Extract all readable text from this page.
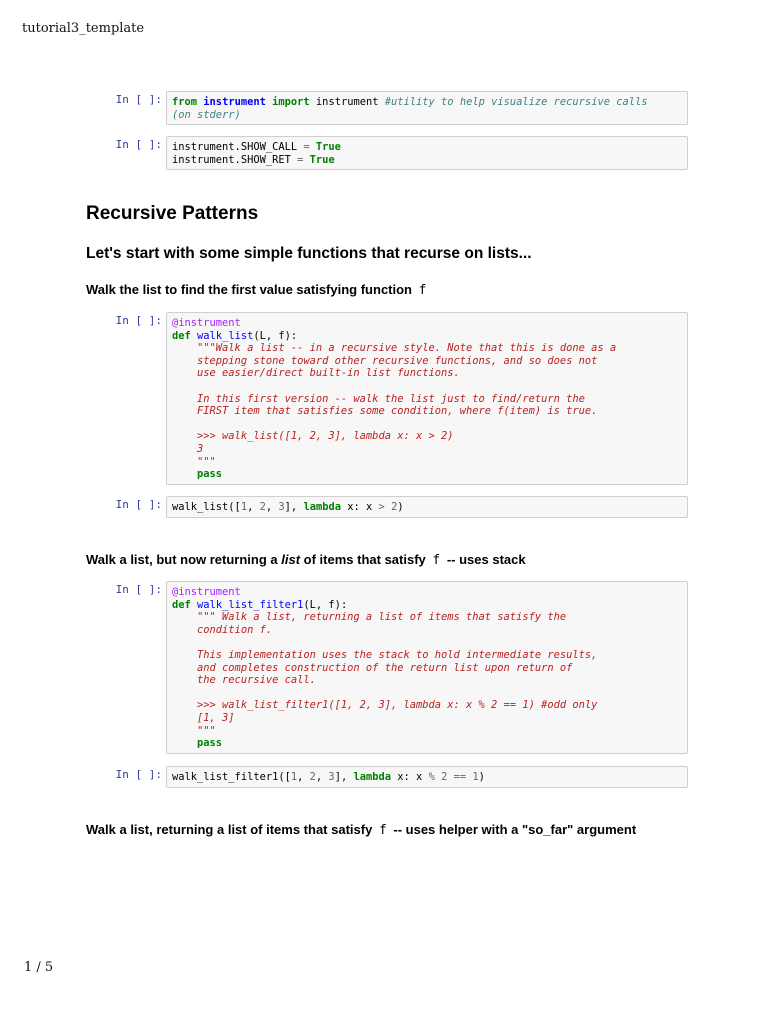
tutorial3_template
In [ ]: from instrument import instrument #utility to help visualize recursive calls
(on stderr)
In [ ]: instrument.SHOW_CALL = True
instrument.SHOW_RET = True
Recursive Patterns
Let's start with some simple functions that recurse on lists...
Walk the list to find the first value satisfying function f
In [ ]: @instrument
def walk_list(L, f):
"""Walk a list -- in a recursive style. Note that this is done as a
stepping stone toward other recursive functions, and so does not
use easier/direct built-in list functions.

In this first version -- walk the list just to find/return the
FIRST item that satisfies some condition, where f(item) is true.

>>> walk_list([1, 2, 3], lambda x: x > 2)
3
"""
pass
In [ ]: walk_list([1, 2, 3], lambda x: x > 2)
Walk a list, but now returning a list of items that satisfy f -- uses stack
In [ ]: @instrument
def walk_list_filter1(L, f):
""" Walk a list, returning a list of items that satisfy the
condition f.

This implementation uses the stack to hold intermediate results,
and completes construction of the return list upon return of
the recursive call.

>>> walk_list_filter1([1, 2, 3], lambda x: x % 2 == 1) #odd only
[1, 3]
"""
pass
In [ ]: walk_list_filter1([1, 2, 3], lambda x: x % 2 == 1)
Walk a list, returning a list of items that satisfy f -- uses helper with a "so_far" argument
1 / 5
